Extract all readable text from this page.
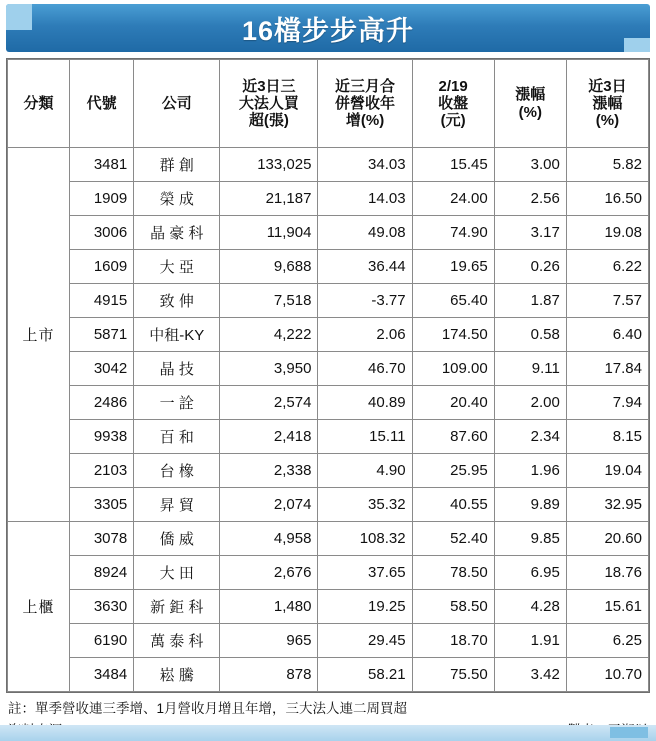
16檔步步高升
分類	代號	公司	近3日三
大法人買
超(張)	近三月合
併營收年
增(%)	2/19
收盤
(元)	漲幅
(%)	近3日
漲幅
(%)

上市	3481	群 創	133,025	34.03	15.45	3.00	5.82
	1909	榮 成	21,187	14.03	24.00	2.56	16.50
	3006	晶 豪 科	11,904	49.08	74.90	3.17	19.08
	1609	大 亞	9,688	36.44	19.65	0.26	6.22
	4915	致 伸	7,518	-3.77	65.40	1.87	7.57
	5871	中租-KY	4,222	2.06	174.50	0.58	6.40
	3042	晶 技	3,950	46.70	109.00	9.11	17.84
	2486	一 詮	2,574	40.89	20.40	2.00	7.94
	9938	百 和	2,418	15.11	87.60	2.34	8.15
	2103	台 橡	2,338	4.90	25.95	1.96	19.04
	3305	昇 貿	2,074	35.32	40.55	9.89	32.95
上櫃	3078	僑 威	4,958	108.32	52.40	9.85	20.60
	8924	大 田	2,676	37.65	78.50	6.95	18.76
	3630	新 鉅 科	1,480	19.25	58.50	4.28	15.61
	6190	萬 泰 科	965	29.45	18.70	1.91	6.25
	3484	崧 騰	878	58.21	75.50	3.42	10.70
註：單季營收連三季增、1月營收月增且年增，三大法人連二周買超
